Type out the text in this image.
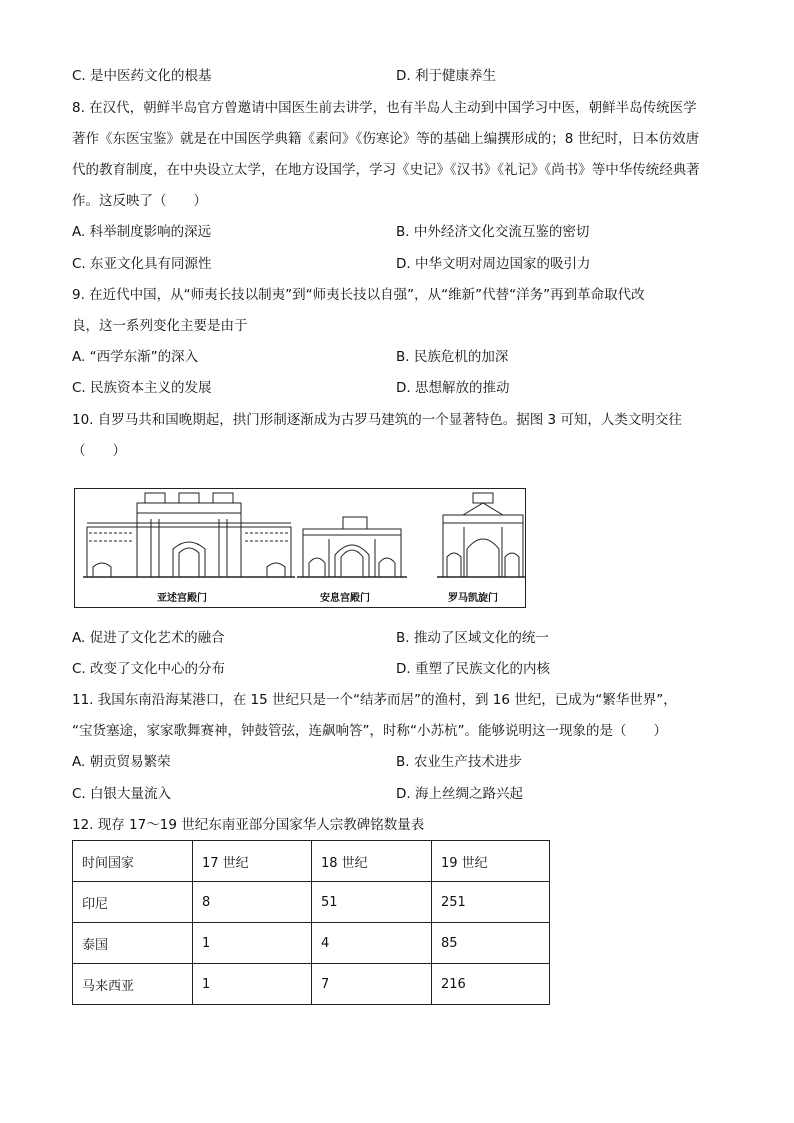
C. 是中医药文化的根基	D. 利于健康养生
8. 在汉代，朝鲜半岛官方曾邀请中国医生前去讲学，也有半岛人主动到中国学习中医，朝鲜半岛传统医学
著作《东医宝鉴》就是在中国医学典籍《素问》《伤寒论》等的基础上编撰形成的；8 世纪时，日本仿效唐
代的教育制度，在中央设立太学，在地方设国学，学习《史记》《汉书》《礼记》《尚书》等中华传统经典著
作。这反映了（　　）
A. 科举制度影响的深远	B. 中外经济文化交流互鉴的密切
C. 东亚文化具有同源性	D. 中华文明对周边国家的吸引力
9. 在近代中国，从“师夷长技以制夷”到“师夷长技以自强”，从“维新”代替“洋务”再到革命取代改
良，这一系列变化主要是由于
A. “西学东渐”的深入	B. 民族危机的加深
C. 民族资本主义的发展	D. 思想解放的推动
10. 自罗马共和国晚期起，拱门形制逐渐成为古罗马建筑的一个显著特色。据图 3 可知，人类文明交往
（　　）
亚述宫殿门	安息宫殿门	罗马凯旋门
A. 促进了文化艺术的融合	B. 推动了区域文化的统一
C. 改变了文化中心的分布	D. 重塑了民族文化的内核
11. 我国东南沿海某港口，在 15 世纪只是一个“结茅而居”的渔村，到 16 世纪，已成为“繁华世界”，
“宝货塞途，家家歌舞赛神，钟鼓管弦，连飙响答”，时称“小苏杭”。能够说明这一现象的是（　　）
A. 朝贡贸易繁荣	B. 农业生产技术进步
C. 白银大量流入	D. 海上丝绸之路兴起
12. 现存 17～19 世纪东南亚部分国家华人宗教碑铭数量表
时间国家	17 世纪	18 世纪	19 世纪
印尼	8	51	251
泰国	1	4	85
马来西亚	1	7	216
